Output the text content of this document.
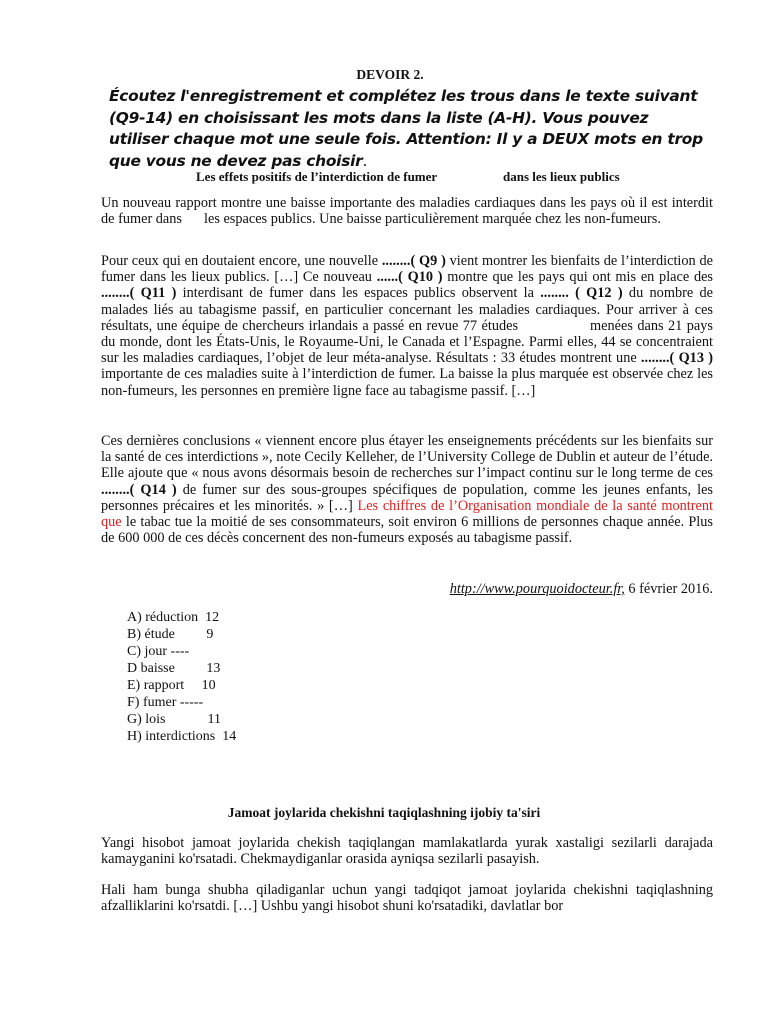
DEVOIR 2.
Écoutez l'enregistrement et complétez les trous dans le texte suivant (Q9-14) en choisissant les mots dans la liste (A-H). Vous pouvez utiliser chaque mot une seule fois. Attention: Il y a DEUX mots en trop que vous ne devez pas choisir.
Les effets positifs de l’interdiction de fumer	dans les lieux publics
Un nouveau rapport montre une baisse importante des maladies cardiaques dans les pays où il est interdit de fumer dans les espaces publics. Une baisse particulièrement marquée chez les non-fumeurs.
Pour ceux qui en doutaient encore, une nouvelle ........( Q9 ) vient montrer les bienfaits de l’interdiction de fumer dans les lieux publics. […] Ce nouveau ......( Q10 ) montre que les pays qui ont mis en place des ........( Q11 ) interdisant de fumer dans les espaces publics observent la ........ ( Q12 ) du nombre de malades liés au tabagisme passif, en particulier concernant les maladies cardiaques. Pour arriver à ces résultats, une équipe de chercheurs irlandais a passé en revue 77 études	menées dans 21 pays du monde, dont les États-Unis, le Royaume-Uni, le Canada et l’Espagne. Parmi elles, 44 se concentraient sur les maladies cardiaques, l’objet de leur méta-analyse. Résultats : 33 études montrent une ........( Q13 ) importante de ces maladies suite à l’interdiction de fumer. La baisse la plus marquée est observée chez les non-fumeurs, les personnes en première ligne face au tabagisme passif. […]
Ces dernières conclusions « viennent encore plus étayer les enseignements précédents sur les bienfaits sur la santé de ces interdictions », note Cecily Kelleher, de l’University College de Dublin et auteur de l’étude. Elle ajoute que « nous avons désormais besoin de recherches sur l’impact continu sur le long terme de ces ........( Q14 ) de fumer sur des sous-groupes spécifiques de population, comme les jeunes enfants, les personnes précaires et les minorités. » […] Les chiffres de l’Organisation mondiale de la santé montrent que le tabac tue la moitié de ses consommateurs, soit environ 6 millions de personnes chaque année. Plus de 600 000 de ces décès concernent des non-fumeurs exposés au tabagisme passif.
http://www.pourquoidocteur.fr, 6 février 2016.
A) réduction  12
B) étude         9
C) jour ----
D baisse         13
E) rapport     10
F) fumer -----
G) lois            11
H) interdictions  14
Jamoat joylarida chekishni taqiqlashning ijobiy ta'siri
Yangi hisobot jamoat joylarida chekish taqiqlangan mamlakatlarda yurak xastaligi sezilarli darajada kamayganini ko'rsatadi. Chekmaydiganlar orasida ayniqsa sezilarli pasayish.
Hali ham bunga shubha qiladiganlar uchun yangi tadqiqot jamoat joylarida chekishni taqiqlashning afzalliklarini ko'rsatdi. […] Ushbu yangi hisobot shuni ko'rsatadiki, davlatlar bor
